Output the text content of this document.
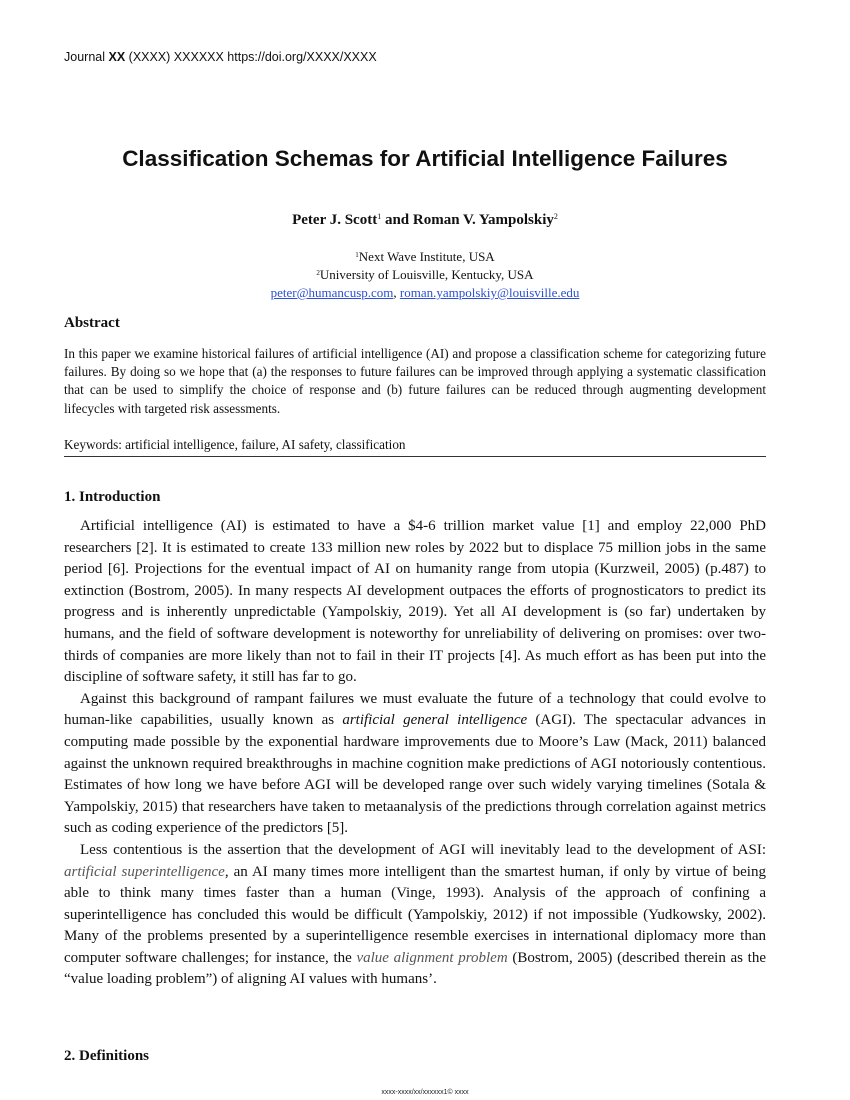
Journal XX (XXXX) XXXXXX https://doi.org/XXXX/XXXX
Classification Schemas for Artificial Intelligence Failures
Peter J. Scott$^1$ and Roman V. Yampolskiy$^2$
$^1$Next Wave Institute, USA
$^2$University of Louisville, Kentucky, USA
peter@humancusp.com, roman.yampolskiy@louisville.edu
Abstract
In this paper we examine historical failures of artificial intelligence (AI) and propose a classification scheme for categorizing future failures. By doing so we hope that (a) the responses to future failures can be improved through applying a systematic classification that can be used to simplify the choice of response and (b) future failures can be reduced through augmenting development lifecycles with targeted risk assessments.
Keywords: artificial intelligence, failure, AI safety, classification
1. Introduction

Artificial intelligence (AI) is estimated to have a $4-6 trillion market value [1] and employ 22,000 PhD researchers [2]. It is estimated to create 133 million new roles by 2022 but to displace 75 million jobs in the same period [6]. Projections for the eventual impact of AI on humanity range from utopia (Kurzweil, 2005) (p.487) to extinction (Bostrom, 2005). In many respects AI development outpaces the efforts of prognosticators to predict its progress and is inherently unpredictable (Yampolskiy, 2019). Yet all AI development is (so far) undertaken by humans, and the field of software development is noteworthy for unreliability of delivering on promises: over two-thirds of companies are more likely than not to fail in their IT projects [4]. As much effort as has been put into the discipline of software safety, it still has far to go.

Against this background of rampant failures we must evaluate the future of a technology that could evolve to human-like capabilities, usually known as artificial general intelligence (AGI). The spectacular advances in computing made possible by the exponential hardware improvements due to Moore’s Law (Mack, 2011) balanced against the unknown required breakthroughs in machine cognition make predictions of AGI notoriously contentious. Estimates of how long we have before AGI will be developed range over such widely varying timelines (Sotala & Yampolskiy, 2015) that researchers have taken to metaanalysis of the predictions through correlation against metrics such as coding experience of the predictors [5].

Less contentious is the assertion that the development of AGI will inevitably lead to the development of ASI: artificial superintelligence, an AI many times more intelligent than the smartest human, if only by virtue of being able to think many times faster than a human (Vinge, 1993). Analysis of the approach of confining a superintelligence has concluded this would be difficult (Yampolskiy, 2012) if not impossible (Yudkowsky, 2002). Many of the problems presented by a superintelligence resemble exercises in international diplomacy more than computer software challenges; for instance, the value alignment problem (Bostrom, 2005) (described therein as the “value loading problem”) of aligning AI values with humans’.

2. Definitions
xxxx-xxxx/xx/xxxxxx1© xxxx
